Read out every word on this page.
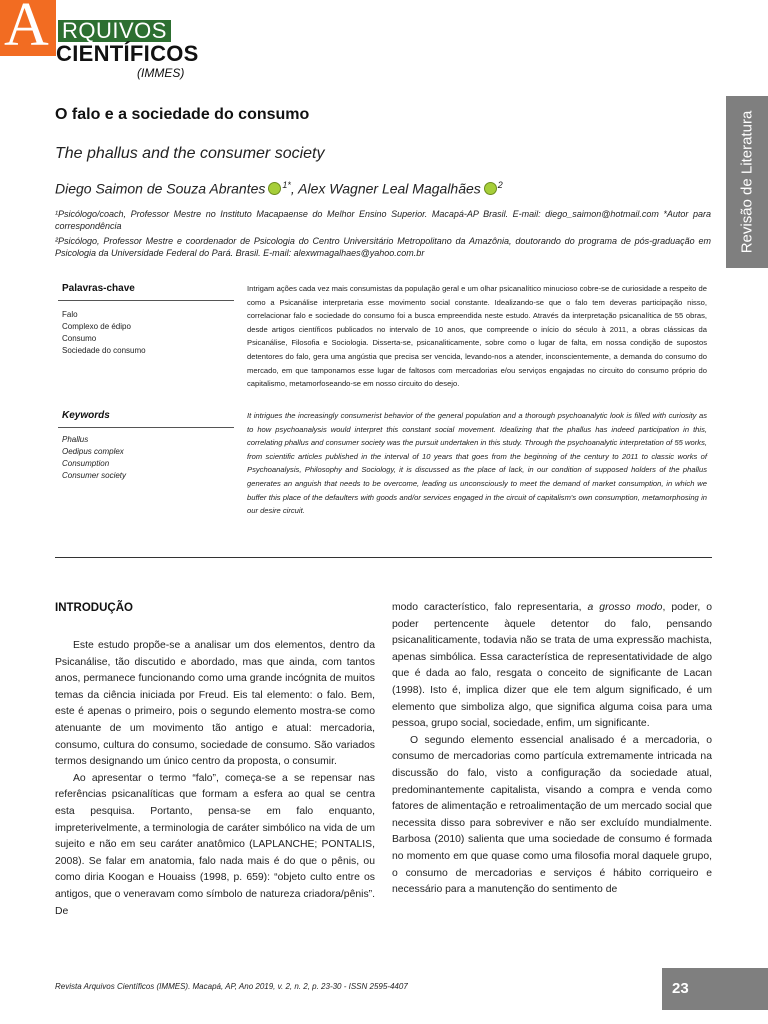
A RQUIVOS
CIENTÍFICOS
(IMMES)
Revisão de Literatura
O falo e a sociedade do consumo
The phallus and the consumer society
Diego Saimon de Souza Abrantes $^{1*}$, Alex Wagner Leal Magalhães $^2$

¹Psicólogo/coach, Professor Mestre no Instituto Macapaense do Melhor Ensino Superior. Macapá-AP Brasil. E-mail: diego_saimon@hotmail.com *Autor para correspondência

²Psicólogo, Professor Mestre e coordenador de Psicologia do Centro Universitário Metropolitano da Amazônia, doutorando do programa de pós-graduação em Psicologia da Universidade Federal do Pará. Brasil. E-mail: alexwmagalhaes@yahoo.com.br

Palavras-chave
Falo
Complexo de édipo
Consumo
Sociedade do consumo

Intrigam ações cada vez mais consumistas da população geral e um olhar psicanalítico minucioso cobre-se de curiosidade a respeito de como a Psicanálise interpretaria esse movimento social constante. Idealizando-se que o falo tem deveras participação nisso, correlacionar falo e sociedade do consumo foi a busca empreendida neste estudo. Através da interpretação psicanalítica de 55 obras, desde artigos científicos publicados no intervalo de 10 anos, que compreende o início do século à 2011, a obras clássicas da Psicanálise, Filosofia e Sociologia. Disserta-se, psicanaliticamente, sobre como o lugar de falta, em nossa condição de supostos detentores do falo, gera uma angústia que precisa ser vencida, levando-nos a atender, inconscientemente, a demanda do consumo do mercado, em que tamponamos esse lugar de faltosos com mercadorias e/ou serviços engajadas no circuito do consumo próprio do capitalismo, metamorfoseando-se em nosso circuito do desejo.

Keywords
Phallus
Oedipus complex
Consumption
Consumer society

It intrigues the increasingly consumerist behavior of the general population and a thorough psychoanalytic look is filled with curiosity as to how psychoanalysis would interpret this constant social movement. Idealizing that the phallus has indeed participation in this, correlating phallus and consumer society was the pursuit undertaken in this study. Through the psychoanalytic interpretation of 55 works, from scientific articles published in the interval of 10 years that goes from the beginning of the century to 2011 to classic works of Psychoanalysis, Philosophy and Sociology, it is discussed as the place of lack, in our condition of supposed holders of the phallus generates an anguish that needs to be overcome, leading us unconsciously to meet the demand of market consumption, in which we buffer this place of the defaulters with goods and/or services engaged in the circuit of capitalism's own consumption, metamorphosing in our desire circuit.

INTRODUÇÃO

Este estudo propõe-se a analisar um dos elementos, dentro da Psicanálise, tão discutido e abordado, mas que ainda, com tantos anos, permanece funcionando como uma grande incógnita de muitos temas da ciência iniciada por Freud. Eis tal elemento: o falo. Bem, este é apenas o primeiro, pois o segundo elemento mostra-se como atenuante de um movimento tão antigo e atual: mercadoria, consumo, cultura do consumo, sociedade de consumo. São variados termos designando um único centro da proposta, o consumir.

Ao apresentar o termo “falo”, começa-se a se repensar nas referências psicanalíticas que formam a esfera ao qual se centra esta pesquisa. Portanto, pensa-se em falo enquanto, impreterivelmente, a terminologia de caráter simbólico na vida de um sujeito e não em seu caráter anatômico (LAPLANCHE; PONTALIS, 2008). Se falar em anatomia, falo nada mais é do que o pênis, ou como diria Koogan e Houaiss (1998, p. 659): “objeto culto entre os antigos, que o veneravam como símbolo de natureza criadora/pênis”. De

modo característico, falo representaria, a grosso modo, poder, o poder pertencente àquele detentor do falo, pensando psicanaliticamente, todavia não se trata de uma expressão machista, apenas simbólica. Essa característica de representatividade de algo que é dada ao falo, resgata o conceito de significante de Lacan (1998). Isto é, implica dizer que ele tem algum significado, é um elemento que simboliza algo, que significa alguma coisa para uma pessoa, grupo social, sociedade, enfim, um significante.

O segundo elemento essencial analisado é a mercadoria, o consumo de mercadorias como partícula extremamente intricada na discussão do falo, visto a configuração da sociedade atual, predominantemente capitalista, visando a compra e venda como fatores de alimentação e retroalimentação de um mercado social que necessita disso para sobreviver e não ser excluído mundialmente. Barbosa (2010) salienta que uma sociedade de consumo é formada no momento em que quase como uma filosofia moral daquele grupo, o consumo de mercadorias e serviços é hábito corriqueiro e necessário para a manutenção do sentimento de

Revista Arquivos Científicos (IMMES). Macapá, AP, Ano 2019, v. 2, n. 2, p. 23-30 - ISSN 2595-4407	23
